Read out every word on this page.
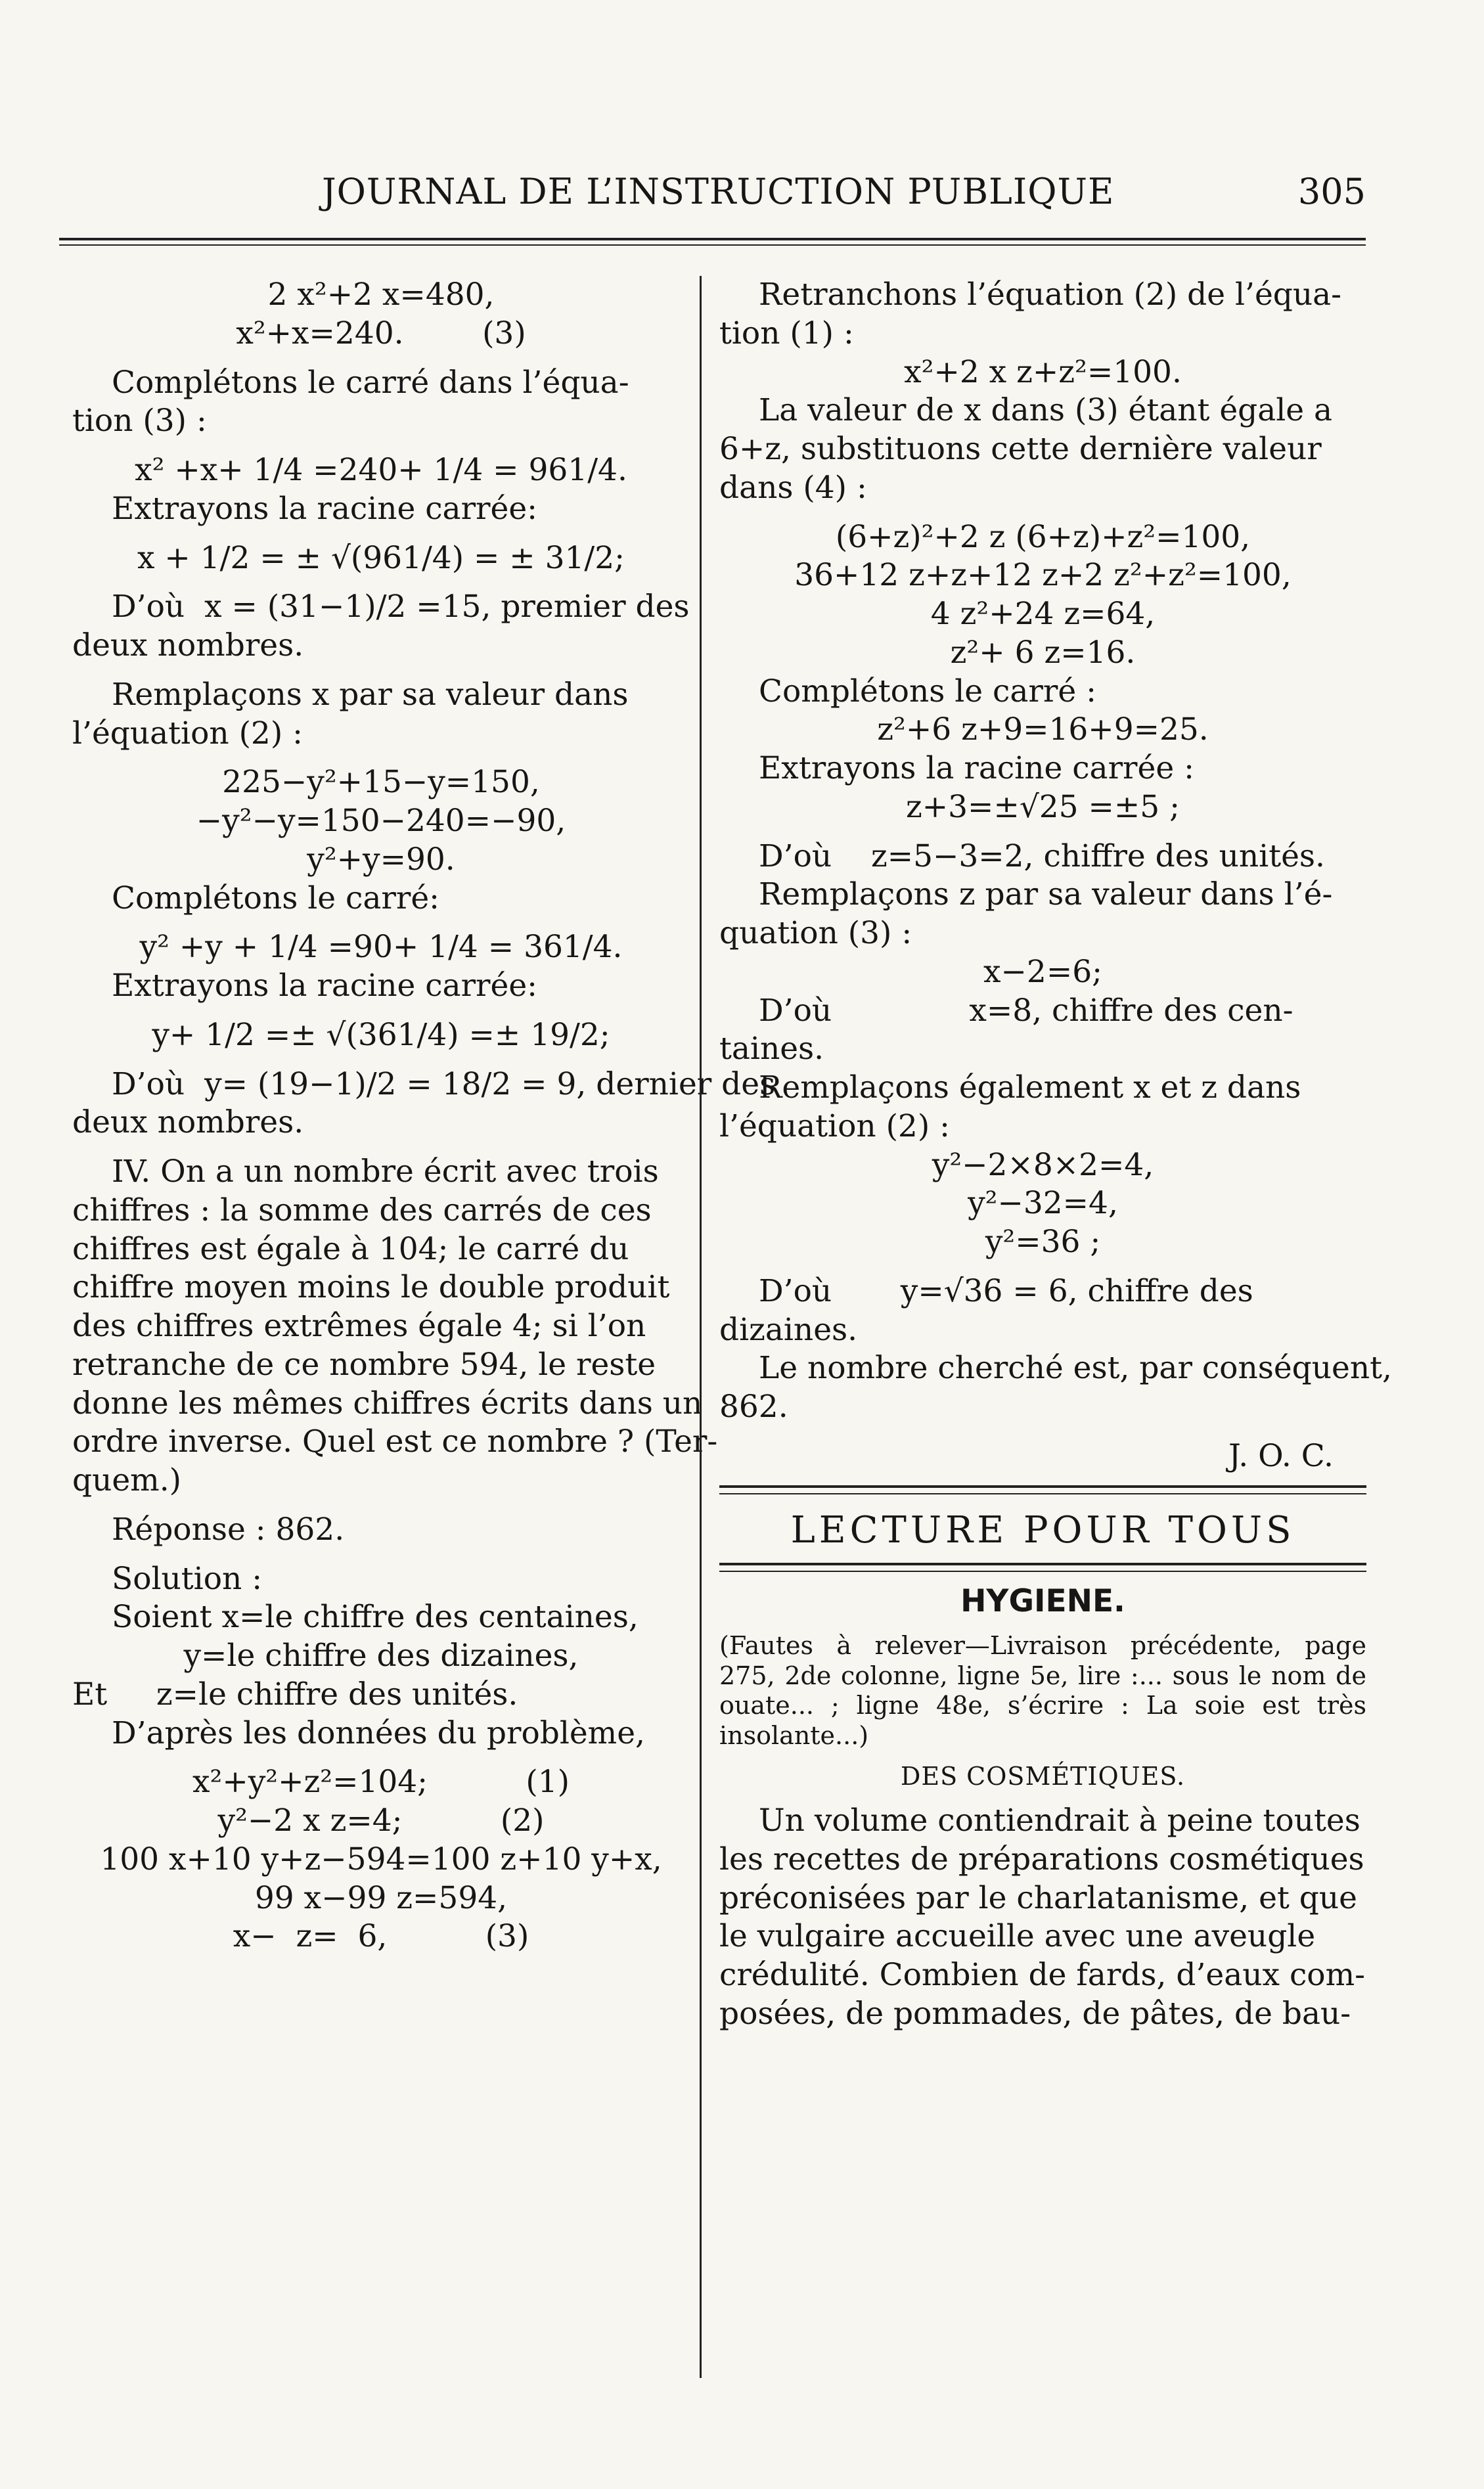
JOURNAL DE L’INSTRUCTION PUBLIQUE	305
2 x²+2 x=480,
x²+x=240.        (3)
Complétons le carré dans l’équa-
tion (3) :
x² +x+ 1/4 =240+ 1/4 = 961/4.
Extrayons la racine carrée:
x + 1/2 = ± √(961/4) = ± 31/2;
D’où  x = (31−1)/2 =15, premier des
deux nombres.
Remplaçons x par sa valeur dans
l’équation (2) :
225−y²+15−y=150,
−y²−y=150−240=−90,
y²+y=90.
Complétons le carré:
y² +y + 1/4 =90+ 1/4 = 361/4.
Extrayons la racine carrée:
y+ 1/2 =± √(361/4) =± 19/2;
D’où  y= (19−1)/2 = 18/2 = 9, dernier des
deux nombres.
IV. On a un nombre écrit avec trois
chiffres : la somme des carrés de ces
chiffres est égale à 104; le carré du
chiffre moyen moins le double produit
des chiffres extrêmes égale 4; si l’on
retranche de ce nombre 594, le reste
donne les mêmes chiffres écrits dans un
ordre inverse. Quel est ce nombre ? (Ter-
quem.)
Réponse : 862.
Solution :
Soient x=le chiffre des centaines,
y=le chiffre des dizaines,
Et     z=le chiffre des unités.
D’après les données du problème,
x²+y²+z²=104;          (1)
y²−2 x z=4;          (2)
100 x+10 y+z−594=100 z+10 y+x,
99 x−99 z=594,
x−  z=  6,          (3)
Retranchons l’équation (2) de l’équa-
tion (1) :
x²+2 x z+z²=100.
La valeur de x dans (3) étant égale a
6+z, substituons cette dernière valeur
dans (4) :
(6+z)²+2 z (6+z)+z²=100,
36+12 z+z+12 z+2 z²+z²=100,
4 z²+24 z=64,
z²+ 6 z=16.
Complétons le carré :
z²+6 z+9=16+9=25.
Extrayons la racine carrée :
z+3=±√25 =±5 ;
D’où    z=5−3=2, chiffre des unités.
Remplaçons z par sa valeur dans l’é-
quation (3) :
x−2=6;
D’où              x=8, chiffre des cen-
taines.
Remplaçons également x et z dans
l’équation (2) :
y²−2×8×2=4,
y²−32=4,
y²=36 ;
D’où       y=√36 = 6, chiffre des
dizaines.
Le nombre cherché est, par conséquent,
862.
J. O. C.
LECTURE POUR TOUS
HYGIENE.
(Fautes à relever—Livraison précédente, page 275, 2de colonne, ligne 5e, lire :... sous le nom de ouate... ; ligne 48e, s’écrire : La soie est très insolante...)
DES COSMÉTIQUES.
Un volume contiendrait à peine toutes
les recettes de préparations cosmétiques
préconisées par le charlatanisme, et que
le vulgaire accueille avec une aveugle
crédulité. Combien de fards, d’eaux com-
posées, de pommades, de pâtes, de bau-
